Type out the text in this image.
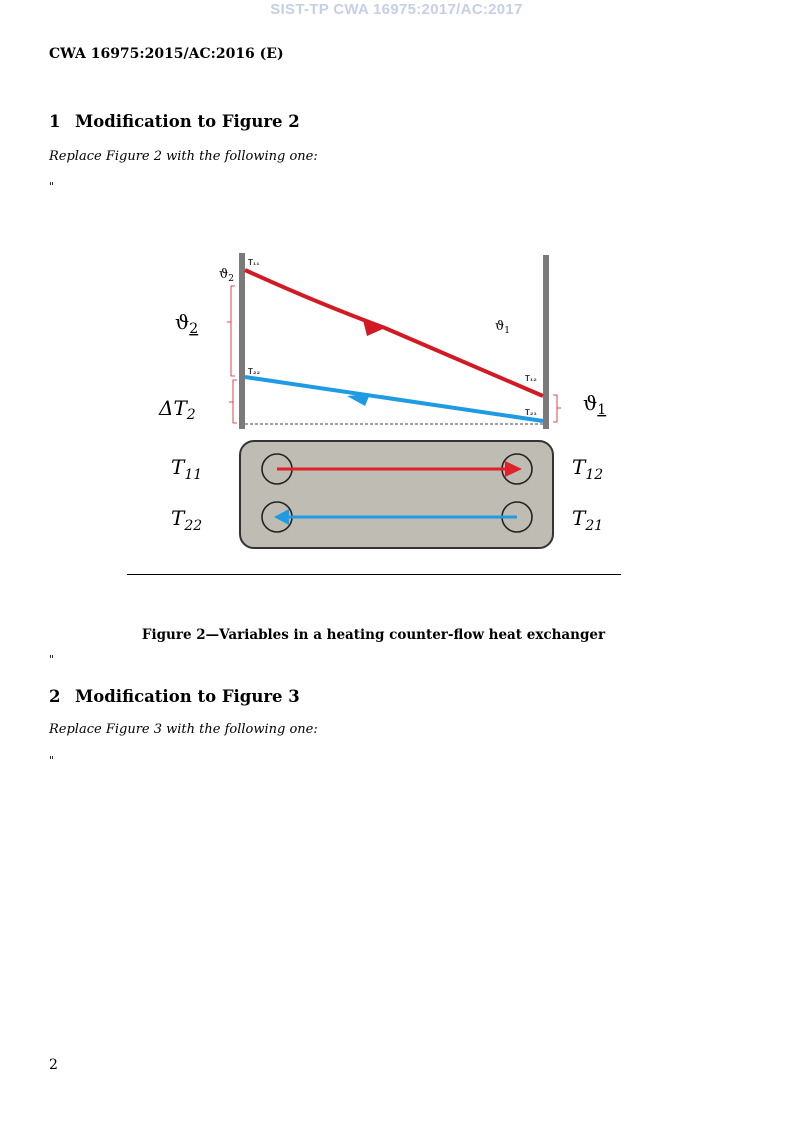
SIST-TP CWA 16975:2017/AC:2017
CWA 16975:2015/AC:2016 (E)
1 Modification to Figure 2
Replace Figure 2 with the following one:
"
T₁₁
T₂₂
T₁₂
T₂₁
$ϑ_2$
$ϑ_1$
$ϑ_2$
$ϑ_1$
$\Delta T_2$
$T_{11}$	$T_{12}$
$T_{22}$	$T_{21}$
Figure 2—Variables in a heating counter-flow heat exchanger
"
2 Modification to Figure 3
Replace Figure 3 with the following one:
"
2
